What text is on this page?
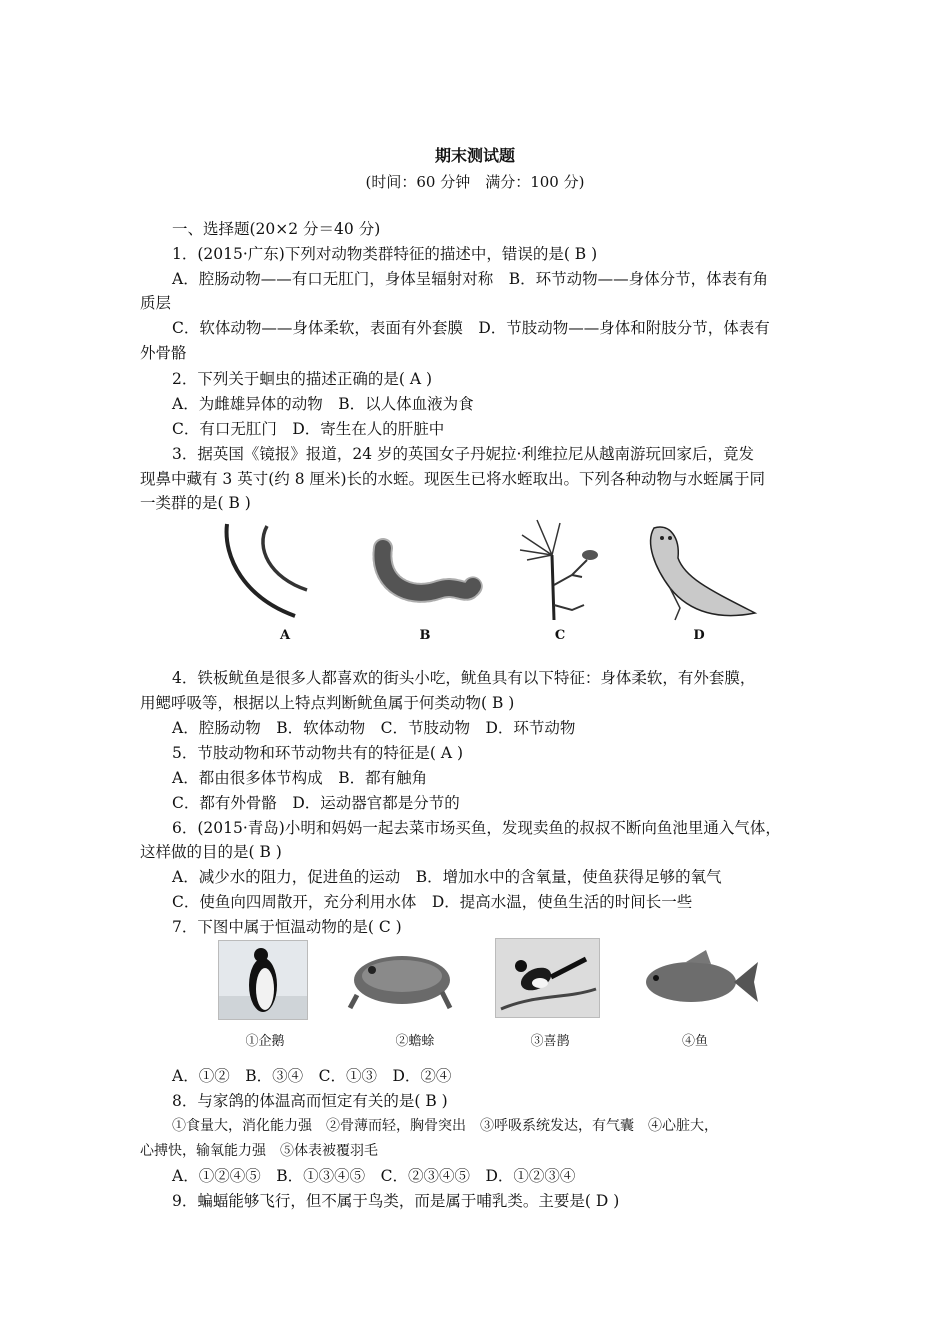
期末测试题
(时间：60 分钟　满分：100 分)
一、选择题(20×2 分＝40 分)
1．(2015·广东)下列对动物类群特征的描述中，错误的是( B )
A．腔肠动物——有口无肛门，身体呈辐射对称　B．环节动物——身体分节，体表有角
质层
C．软体动物——身体柔软，表面有外套膜　D．节肢动物——身体和附肢分节，体表有
外骨骼
2．下列关于蛔虫的描述正确的是( A )
A．为雌雄异体的动物　B．以人体血液为食
C．有口无肛门　D．寄生在人的肝脏中
3．据英国《镜报》报道，24 岁的英国女子丹妮拉·利维拉尼从越南游玩回家后，竟发
现鼻中藏有 3 英寸(约 8 厘米)长的水蛭。现医生已将水蛭取出。下列各种动物与水蛭属于同
一类群的是( B )
A	B	C	D
4．铁板鱿鱼是很多人都喜欢的街头小吃，鱿鱼具有以下特征：身体柔软，有外套膜，
用鳃呼吸等，根据以上特点判断鱿鱼属于何类动物( B )
A．腔肠动物　B．软体动物　C．节肢动物　D．环节动物
5．节肢动物和环节动物共有的特征是( A )
A．都由很多体节构成　B．都有触角
C．都有外骨骼　D．运动器官都是分节的
6．(2015·青岛)小明和妈妈一起去菜市场买鱼，发现卖鱼的叔叔不断向鱼池里通入气体，
这样做的目的是( B )
A．减少水的阻力，促进鱼的运动　B．增加水中的含氧量，使鱼获得足够的氧气
C．使鱼向四周散开，充分利用水体　D．提高水温，使鱼生活的时间长一些
7．下图中属于恒温动物的是( C )
①企鹅	②蟾蜍	③喜鹊	④鱼
A．①②　B．③④　C．①③　D．②④
8．与家鸽的体温高而恒定有关的是( B )
①食量大，消化能力强　②骨薄而轻，胸骨突出　③呼吸系统发达，有气囊　④心脏大，
心搏快，输氧能力强　⑤体表被覆羽毛
A．①②④⑤　B．①③④⑤　C．②③④⑤　D．①②③④
9．蝙蝠能够飞行，但不属于鸟类，而是属于哺乳类。主要是( D )
